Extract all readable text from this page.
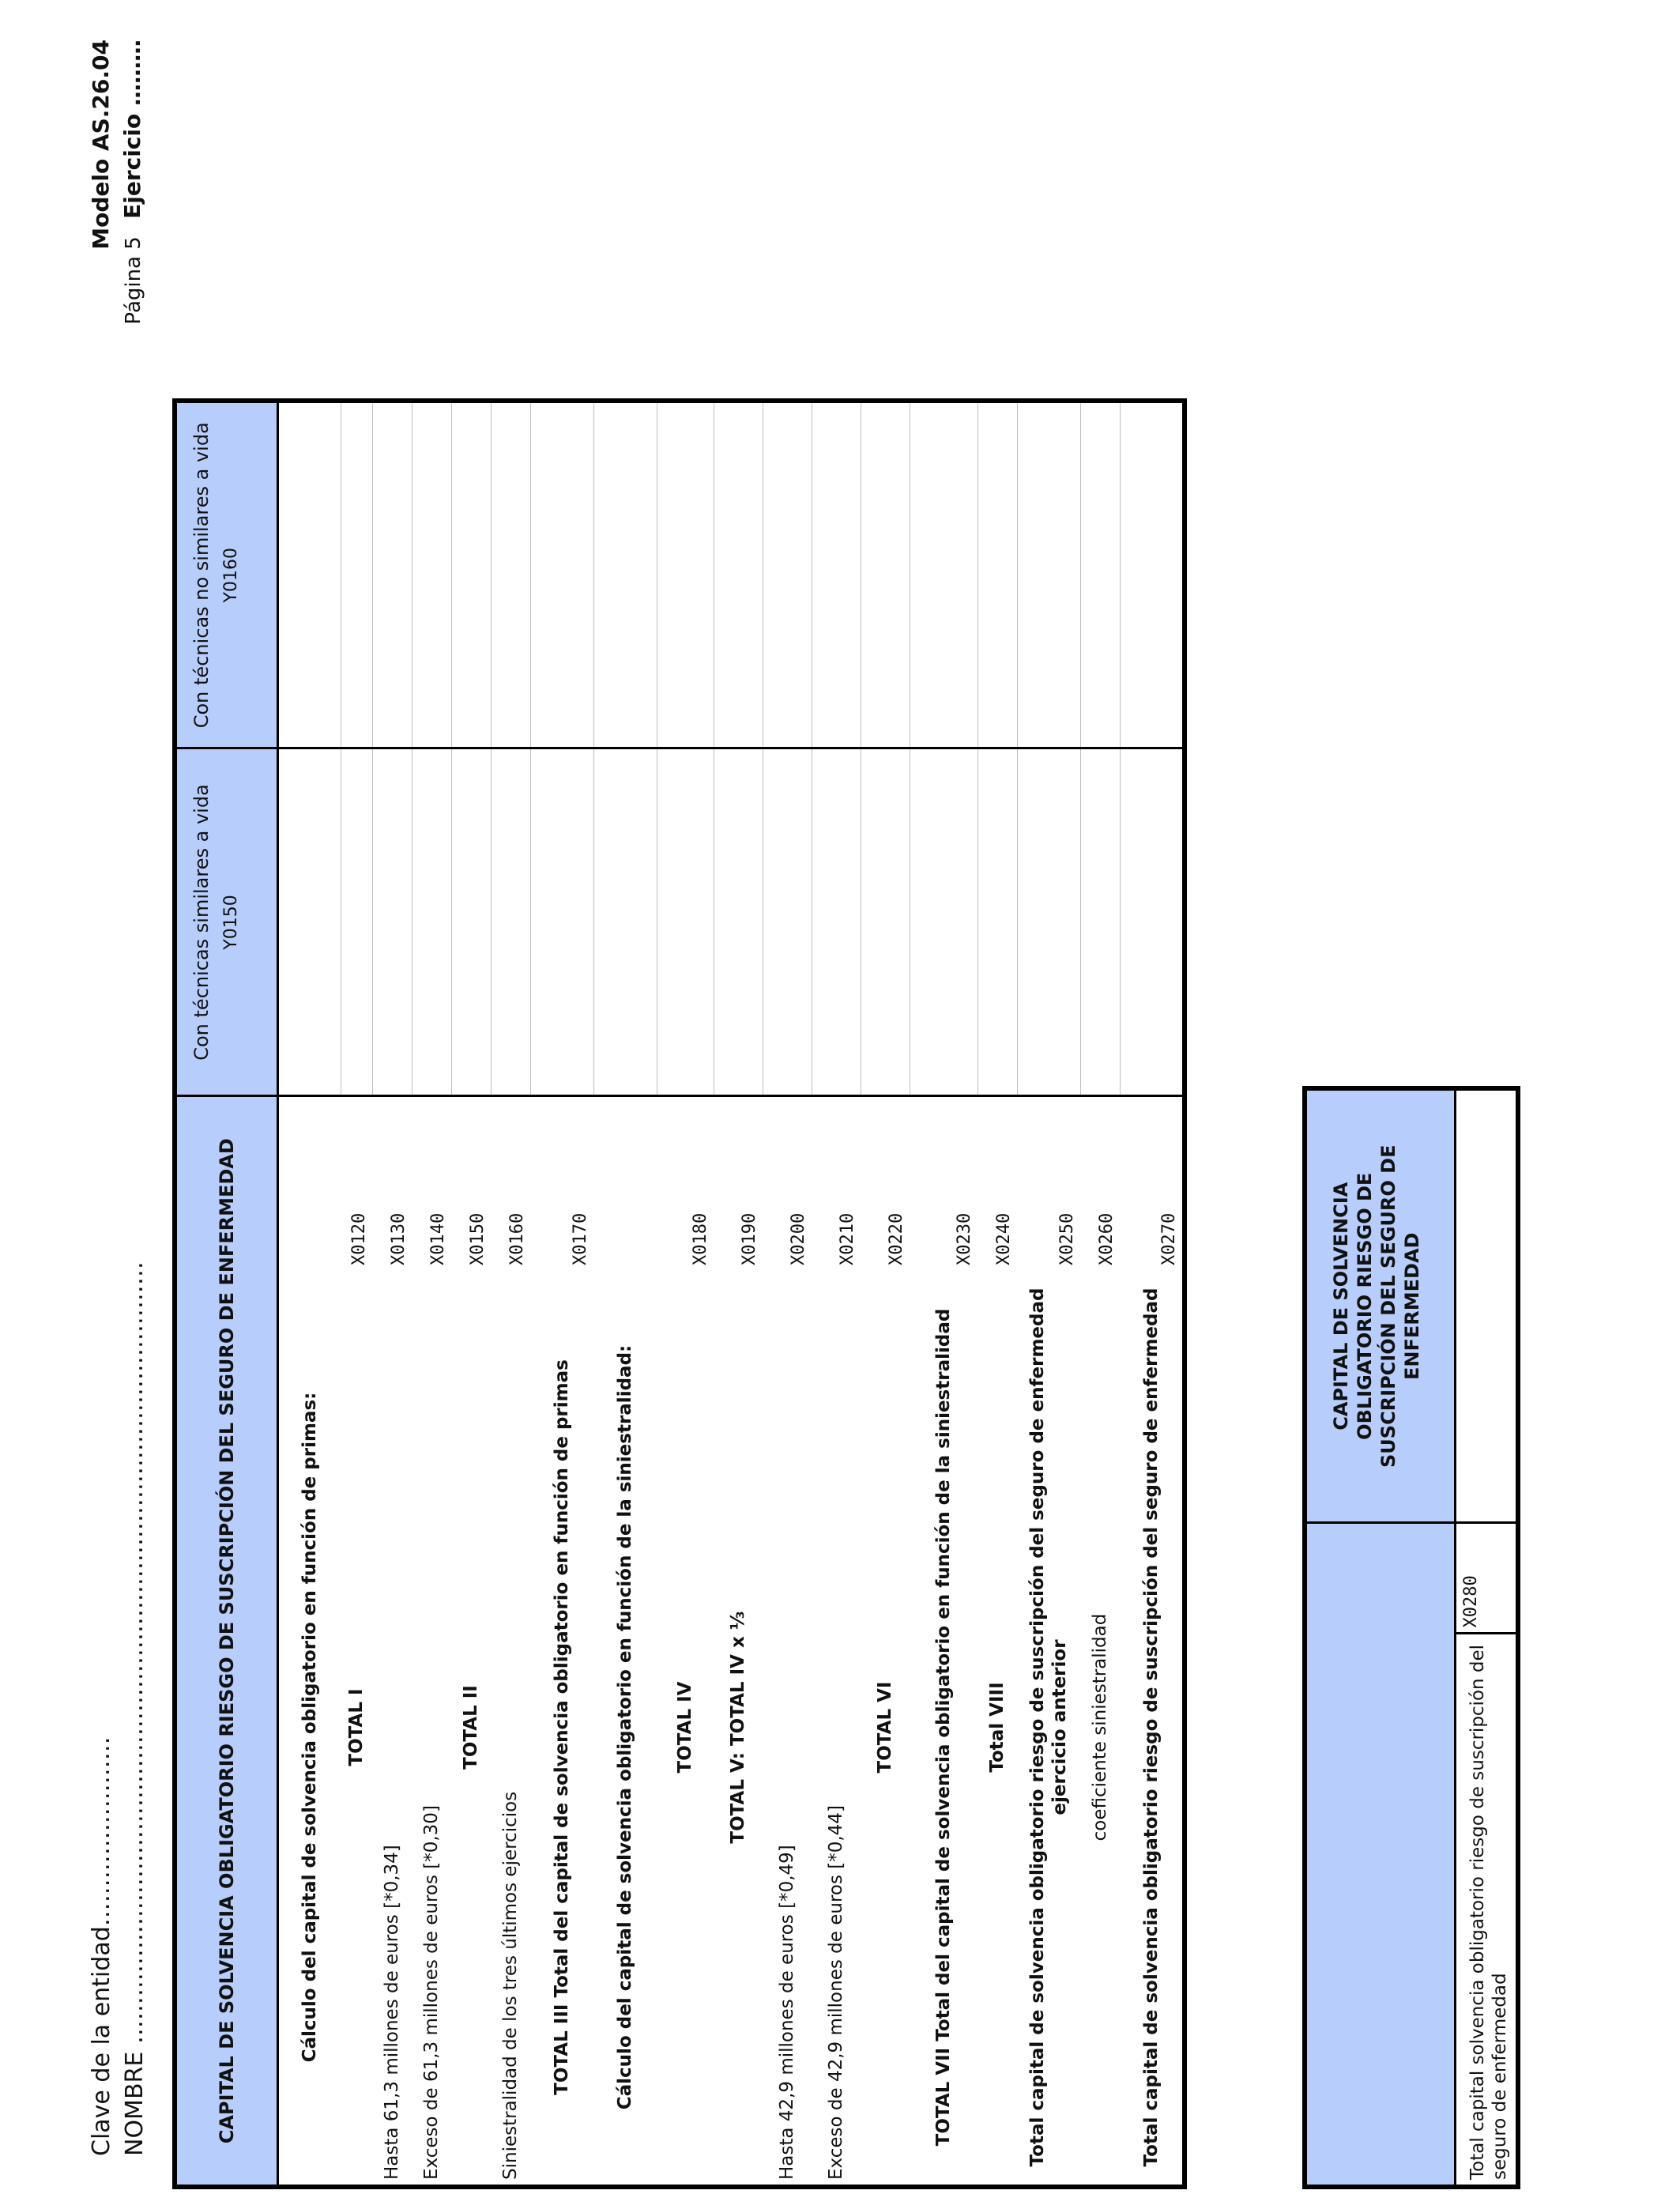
Clave de la entidad…………………… NOMBRE ………………………………………………………………………………………
Modelo AS.26.04
Página 5 Ejercicio ………
CAPITAL DE SOLVENCIA OBLIGATORIO RIESGO DE SUSCRIPCIÓN DEL SEGURO DE ENFERMEDAD		Con técnicas similares a vida Y0150	Con técnicas no similares a vida Y0160

Cálculo del capital de solvencia obligatorio en función de primas:			
TOTAL I	X0120		
Hasta 61,3 millones de euros [*0,34]	X0130		
Exceso de 61,3 millones de euros [*0,30]	X0140		
TOTAL II	X0150		
Siniestralidad de los tres últimos ejercicios	X0160		
TOTAL III Total del capital de solvencia obligatorio en función de primas	X0170		
Cálculo del capital de solvencia obligatorio en función de la siniestralidad:			
TOTAL IV	X0180		
TOTAL V: TOTAL IV x ⅓	X0190		
Hasta 42,9 millones de euros [*0,49]	X0200		
Exceso de 42,9 millones de euros [*0,44]	X0210		
TOTAL VI	X0220		
TOTAL VII Total del capital de solvencia obligatorio en función de la siniestralidad	X0230		
Total VIII	X0240		
Total capital de solvencia obligatorio riesgo de suscripción del seguro de enfermedad ejercicio anterior	X0250		
coeficiente siniestralidad	X0260		
Total capital de solvencia obligatorio riesgo de suscripción del seguro de enfermedad	X0270		
		CAPITAL DE SOLVENCIA OBLIGATORIO RIESGO DE SUSCRIPCIÓN DEL SEGURO DE ENFERMEDAD
Total capital solvencia obligatorio riesgo de suscripción del seguro de enfermedad	X0280	
